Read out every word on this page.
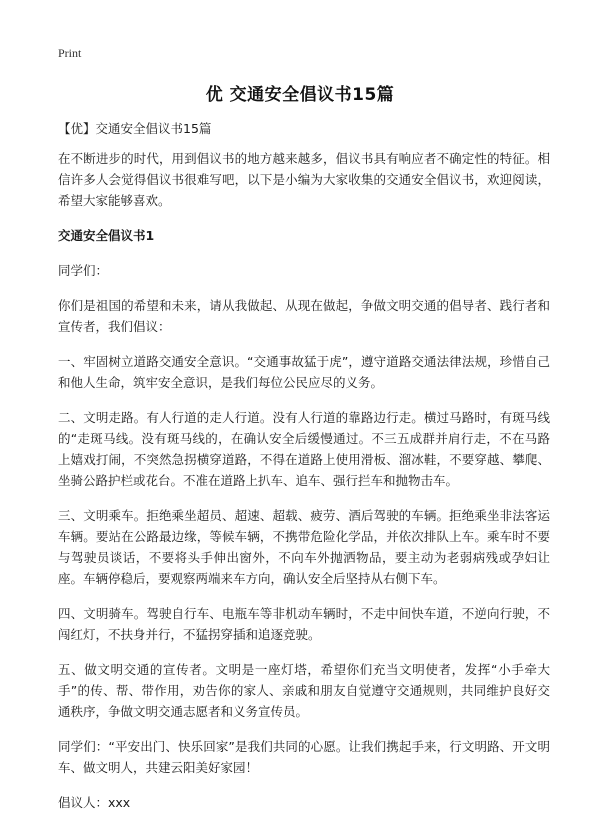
Print
优 交通安全倡议书15篇

【优】交通安全倡议书15篇

在不断进步的时代，用到倡议书的地方越来越多，倡议书具有响应者不确定性的特征。相信许多人会觉得倡议书很难写吧，以下是小编为大家收集的交通安全倡议书，欢迎阅读，希望大家能够喜欢。

交通安全倡议书1

同学们：

你们是祖国的希望和未来，请从我做起、从现在做起，争做文明交通的倡导者、践行者和宣传者，我们倡议：

一、牢固树立道路交通安全意识。“交通事故猛于虎”，遵守道路交通法律法规，珍惜自己和他人生命，筑牢安全意识，是我们每位公民应尽的义务。

二、文明走路。有人行道的走人行道。没有人行道的靠路边行走。横过马路时，有斑马线的“走斑马线。没有斑马线的，在确认安全后缓慢通过。不三五成群并肩行走，不在马路上嬉戏打闹，不突然急拐横穿道路，不得在道路上使用滑板、溜冰鞋，不要穿越、攀爬、坐骑公路护栏或花台。不准在道路上扒车、追车、强行拦车和抛物击车。

三、文明乘车。拒绝乘坐超员、超速、超载、疲劳、酒后驾驶的车辆。拒绝乘坐非法客运车辆。要站在公路最边缘，等候车辆，不携带危险化学品，并依次排队上车。乘车时不要与驾驶员谈话，不要将头手伸出窗外，不向车外抛洒物品，要主动为老弱病残或孕妇让座。车辆停稳后，要观察两端来车方向，确认安全后坚持从右侧下车。

四、文明骑车。驾驶自行车、电瓶车等非机动车辆时，不走中间快车道，不逆向行驶，不闯红灯，不扶身并行，不猛拐穿插和追逐竞驶。

五、做文明交通的宣传者。文明是一座灯塔，希望你们充当文明使者，发挥“小手牵大手”的传、帮、带作用，劝告你的家人、亲戚和朋友自觉遵守交通规则，共同维护良好交通秩序，争做文明交通志愿者和义务宣传员。

同学们：“平安出门、快乐回家”是我们共同的心愿。让我们携起手来，行文明路、开文明车、做文明人，共建云阳美好家园！

倡议人：xxx
